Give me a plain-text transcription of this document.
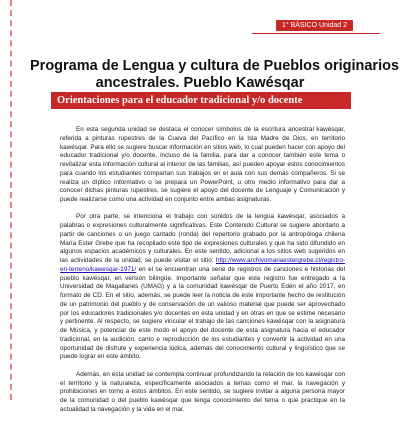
1° BÁSICO Unidad 2
Programa de Lengua y cultura de Pueblos originarios
ancestrales. Pueblo Kawésqar
Orientaciones para el educador tradicional y/o docente

En esta segunda unidad se destaca el conocer símbolos de la escritura ancestral kawésqar, referida a pinturas rupestres de la Cueva del Pacífico en la Isla Madre de Dios, en territorio kawésqar. Para ello se sugiere buscar información en sitios web, lo cual pueden hacer con apoyo del educador tradicional y/o docente, incluso de la familia, para dar a conocer también este tema o revitalizar esta información cultural al interior de las familias, así pueden apoyar estos conocimientos para cuando los estudiantes compartan sus trabajos en el aula con sus demás compañeros. Si se realiza un díptico informativo o se prepara un PowerPoint, u otro medio informativo para dar a conocer dichas pinturas rupestres, se sugiere el apoyo del docente de Lenguaje y Comunicación y puede realizarse como una actividad en conjunto entre ambas asignaturas.

Por otra parte, se intenciona el trabajo con sonidos de la lengua kawésqar, asociados a palabras o expresiones culturalmente significativas. Este Contenido Cultural se sugiere abordarlo a partir de canciones o un juego cantado (ronda) del repertorio grabado por la antropóloga chilena María Ester Grebe que ha recopilado este tipo de expresiones culturales y que ha sido difundido en algunos espacios académicos y culturales. En este sentido, adicional a los sitios web sugeridos en las actividades de la unidad, se puede visitar el sitio: http://www.archivomariaestergrebe.cl/registro-en-terreno/kawesqar-1971/ en el se encuentran una serie de registros de canciones e historias del pueblo kawésqar, en versión bilingüe. Importante señalar que este registro fue entregado a la Universidad de Magallanes (UMAG) y a la comunidad kawésqar de Puerto Edén el año 2017, en formato de CD. En el sitio, además, se puede leer la noticia de este importante hecho de restitución de un patrimonio del pueblo y de conservación de un valioso material que puede ser aprovechado por los educadores tradicionales y/o docentes en esta unidad y en otras en que se estime necesario y pertinente. Al respecto, se sugiere vincular el trabajo de las canciones kawésqar con la asignatura de Música, y potenciar de este modo el apoyo del docente de esta asignatura hacia el educador tradicional, en la audición, canto e reproducción de los estudiantes y convertir la actividad en una oportunidad de disfrute y experiencia lúdica, además del conocimiento cultural y lingüístico que se puede lograr en este ámbito.

Además, en esta unidad se contempla continuar profundizando la relación de los kawésqar con el territorio y la naturaleza, específicamente asociados a temas como el mar, la navegación y prohibiciones en torno a estos ámbitos. En este sentido, se sugiere invitar a alguna persona mayor de la comunidad o del pueblo kawésqar que tenga conocimiento del tema o que practique en la actualidad la navegación y la vida en el mar.
